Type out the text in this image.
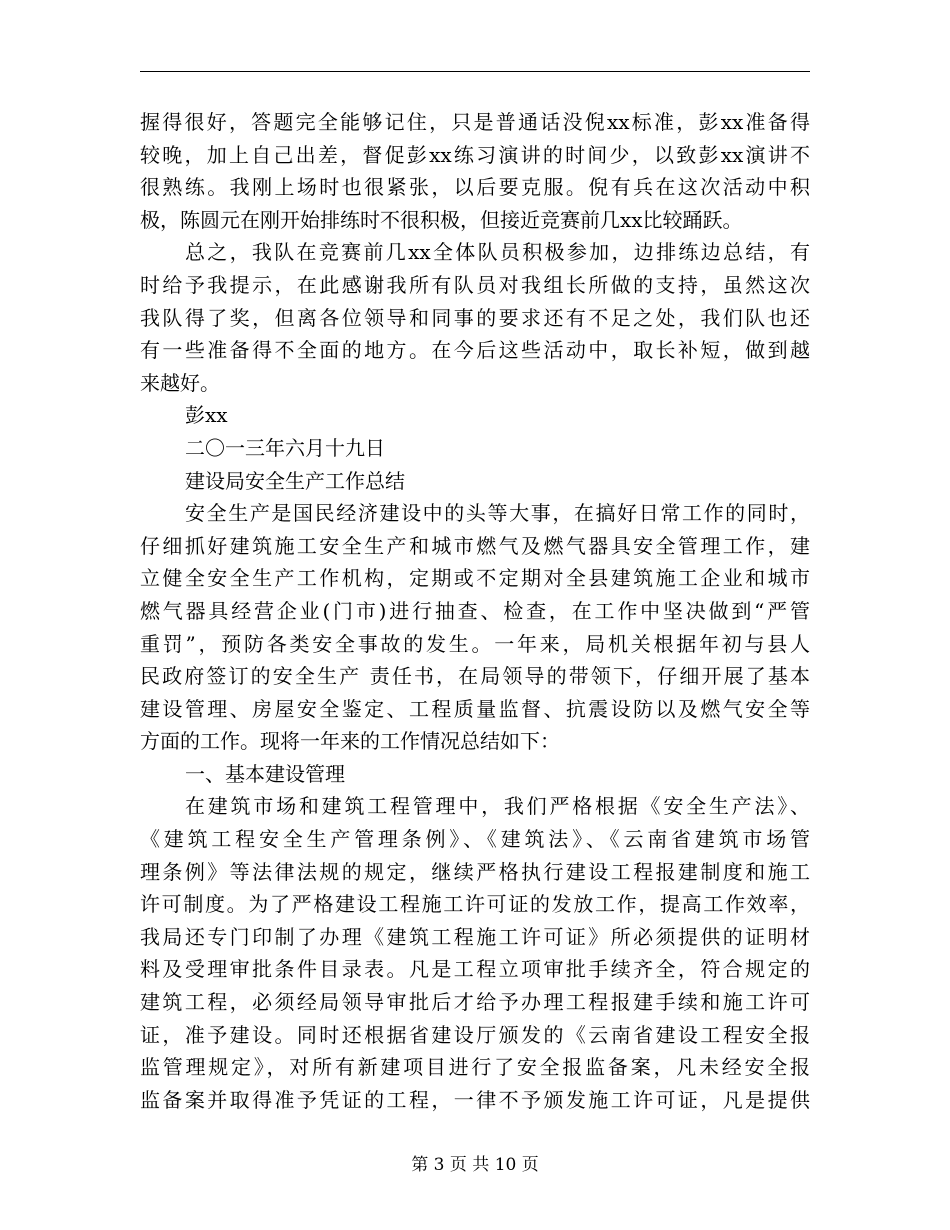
握得很好，答题完全能够记住，只是普通话没倪xx标准，彭xx准备得
较晚，加上自己出差，督促彭xx练习演讲的时间少，以致彭xx演讲不
很熟练。我刚上场时也很紧张，以后要克服。倪有兵在这次活动中积
极，陈圆元在刚开始排练时不很积极，但接近竞赛前几xx比较踊跃。
总之，我队在竞赛前几xx全体队员积极参加，边排练边总结，有
时给予我提示，在此感谢我所有队员对我组长所做的支持，虽然这次
我队得了奖，但离各位领导和同事的要求还有不足之处，我们队也还
有一些准备得不全面的地方。在今后这些活动中，取长补短，做到越
来越好。
彭xx
二〇一三年六月十九日
建设局安全生产工作总结
安全生产是国民经济建设中的头等大事，在搞好日常工作的同时，
仔细抓好建筑施工安全生产和城市燃气及燃气器具安全管理工作，建
立健全安全生产工作机构，定期或不定期对全县建筑施工企业和城市
燃气器具经营企业(门市)进行抽查、检查，在工作中坚决做到“严管
重罚”，预防各类安全事故的发生。一年来，局机关根据年初与县人
民政府签订的安全生产 责任书，在局领导的带领下，仔细开展了基本
建设管理、房屋安全鉴定、工程质量监督、抗震设防以及燃气安全等
方面的工作。现将一年来的工作情况总结如下：
一、基本建设管理
在建筑市场和建筑工程管理中，我们严格根据《安全生产法》、
《建筑工程安全生产管理条例》、《建筑法》、《云南省建筑市场管
理条例》等法律法规的规定，继续严格执行建设工程报建制度和施工
许可制度。为了严格建设工程施工许可证的发放工作，提高工作效率，
我局还专门印制了办理《建筑工程施工许可证》所必须提供的证明材
料及受理审批条件目录表。凡是工程立项审批手续齐全，符合规定的
建筑工程，必须经局领导审批后才给予办理工程报建手续和施工许可
证，准予建设。同时还根据省建设厅颁发的《云南省建设工程安全报
监管理规定》，对所有新建项目进行了安全报监备案，凡未经安全报
监备案并取得准予凭证的工程，一律不予颁发施工许可证，凡是提供
第 3 页 共 10 页
